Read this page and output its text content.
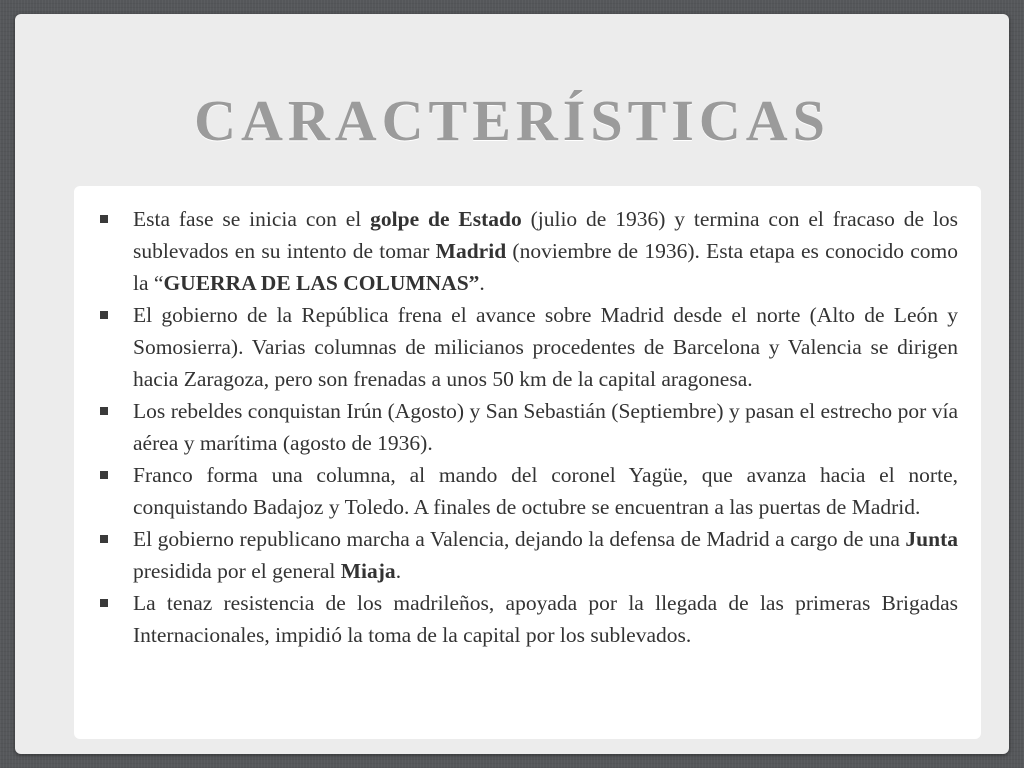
CARACTERÍSTICAS
Esta fase se inicia con el golpe de Estado (julio de 1936) y termina con el fracaso de los sublevados en su intento de tomar Madrid (noviembre de 1936). Esta etapa es conocido como la “GUERRA DE LAS COLUMNAS”.
El gobierno de la República frena el avance sobre Madrid desde el norte (Alto de León y Somosierra). Varias columnas de milicianos procedentes de Barcelona y Valencia se dirigen hacia Zaragoza, pero son frenadas a unos 50 km de la capital aragonesa.
Los rebeldes conquistan Irún (Agosto) y San Sebastián (Septiembre) y pasan el estrecho por vía aérea y marítima (agosto de 1936).
Franco forma una columna, al mando del coronel Yagüe, que avanza hacia el norte, conquistando Badajoz y Toledo. A finales de octubre se encuentran a las puertas de Madrid.
El gobierno republicano marcha a Valencia, dejando la defensa de Madrid a cargo de una Junta presidida por el general Miaja.
La tenaz resistencia de los madrileños, apoyada por la llegada de las primeras Brigadas Internacionales, impidió la toma de la capital por los sublevados.
